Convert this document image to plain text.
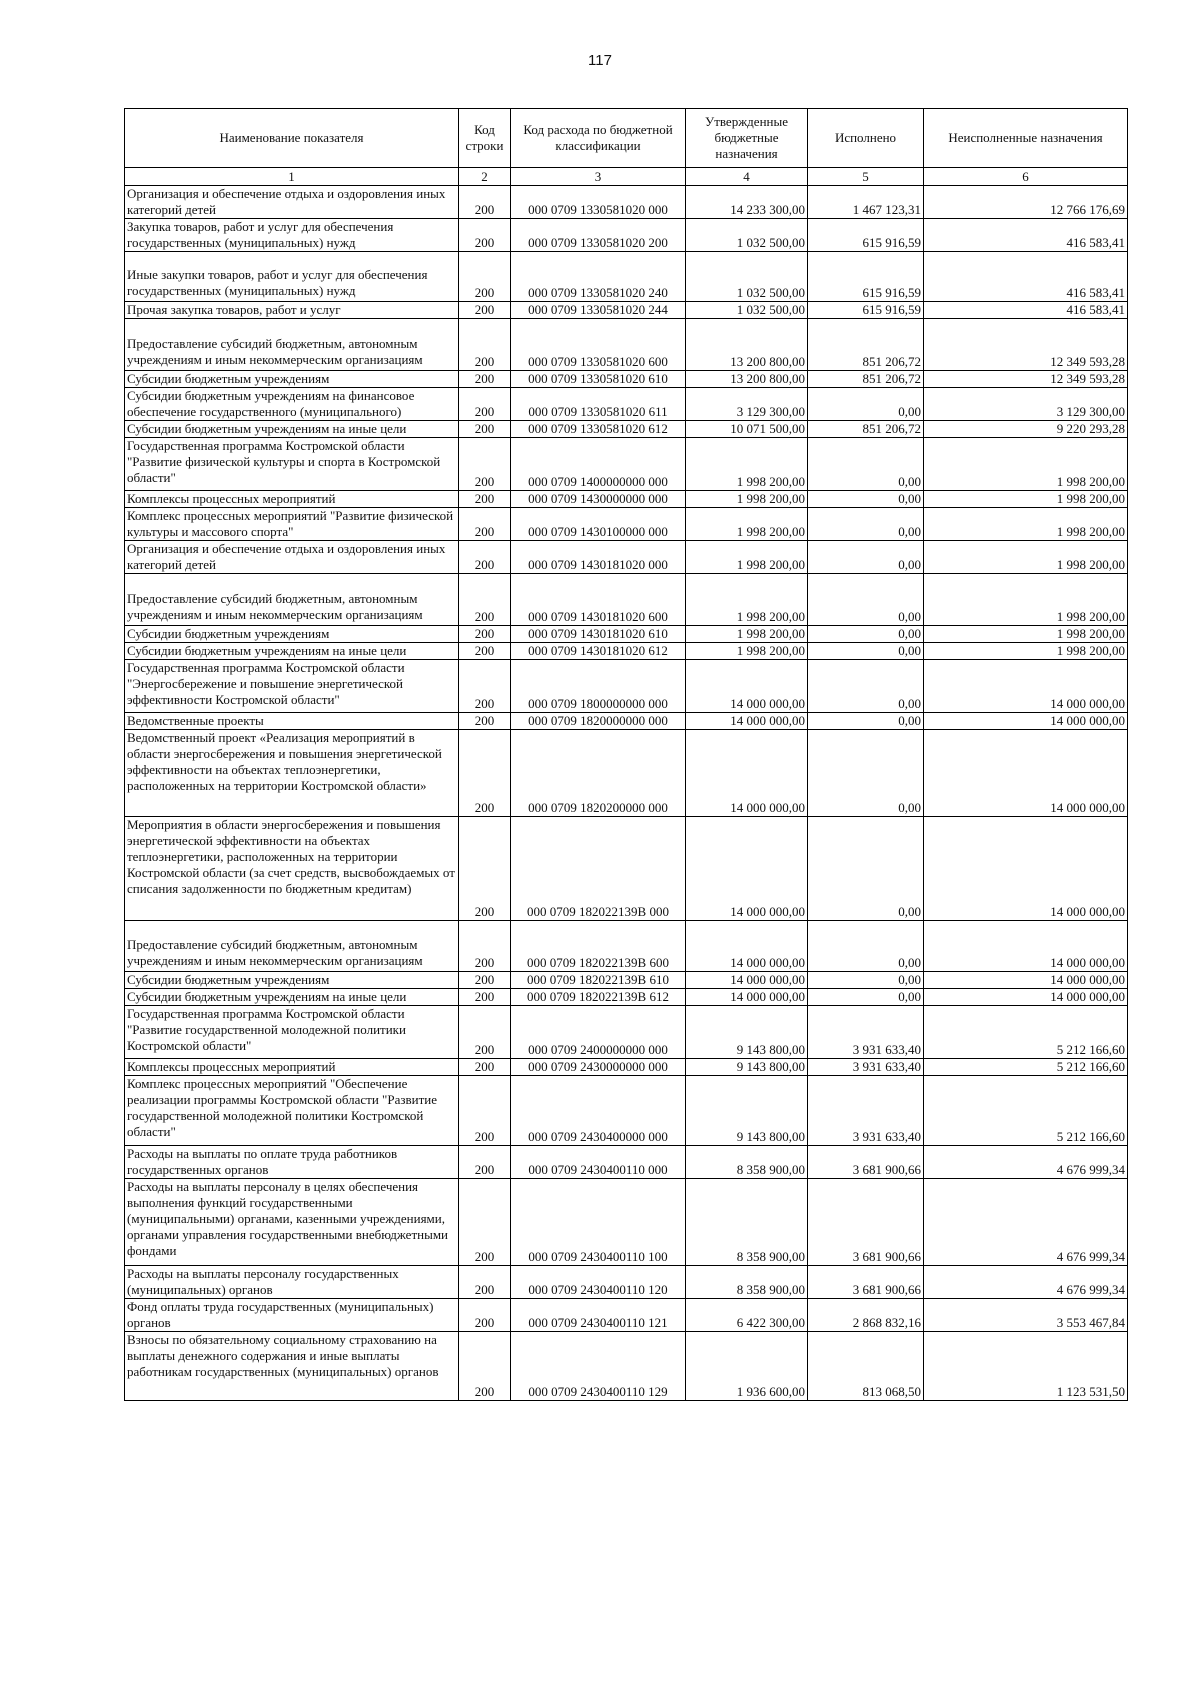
117
Наименование показателя	Код строки	Код расхода по бюджетной классификации	Утвержденные бюджетные назначения	Исполнено	Неисполненные назначения
1	2	3	4	5	6

Организация и обеспечение отдыха и оздоровления иных категорий детей	200	000 0709 1330581020 000	14 233 300,00	1 467 123,31	12 766 176,69

Закупка товаров, работ и услуг для обеспечения государственных (муниципальных) нужд	200	000 0709 1330581020 200	1 032 500,00	615 916,59	416 583,41

Иные закупки товаров, работ и услуг для обеспечения государственных (муниципальных) нужд	200	000 0709 1330581020 240	1 032 500,00	615 916,59	416 583,41

Прочая закупка товаров, работ и услуг	200	000 0709 1330581020 244	1 032 500,00	615 916,59	416 583,41

Предоставление субсидий бюджетным, автономным учреждениям и иным некоммерческим организациям	200	000 0709 1330581020 600	13 200 800,00	851 206,72	12 349 593,28

Субсидии бюджетным учреждениям	200	000 0709 1330581020 610	13 200 800,00	851 206,72	12 349 593,28

Субсидии бюджетным учреждениям на финансовое обеспечение государственного (муниципального)	200	000 0709 1330581020 611	3 129 300,00	0,00	3 129 300,00

Субсидии бюджетным учреждениям на иные цели	200	000 0709 1330581020 612	10 071 500,00	851 206,72	9 220 293,28

Государственная программа Костромской области "Развитие физической культуры и спорта в Костромской области"	200	000 0709 1400000000 000	1 998 200,00	0,00	1 998 200,00

Комплексы процессных мероприятий	200	000 0709 1430000000 000	1 998 200,00	0,00	1 998 200,00

Комплекс процессных мероприятий "Развитие физической культуры и массового спорта"	200	000 0709 1430100000 000	1 998 200,00	0,00	1 998 200,00

Организация и обеспечение отдыха и оздоровления иных категорий детей	200	000 0709 1430181020 000	1 998 200,00	0,00	1 998 200,00

Предоставление субсидий бюджетным, автономным учреждениям и иным некоммерческим организациям	200	000 0709 1430181020 600	1 998 200,00	0,00	1 998 200,00

Субсидии бюджетным учреждениям	200	000 0709 1430181020 610	1 998 200,00	0,00	1 998 200,00

Субсидии бюджетным учреждениям на иные цели	200	000 0709 1430181020 612	1 998 200,00	0,00	1 998 200,00

Государственная программа Костромской области "Энергосбережение и повышение энергетической эффективности Костромской области"	200	000 0709 1800000000 000	14 000 000,00	0,00	14 000 000,00

Ведомственные проекты	200	000 0709 1820000000 000	14 000 000,00	0,00	14 000 000,00

Ведомственный проект «Реализация мероприятий в области энергосбережения и повышения энергетической эффективности на объектах теплоэнергетики, расположенных на территории Костромской области»	200	000 0709 1820200000 000	14 000 000,00	0,00	14 000 000,00

Мероприятия в области энергосбережения и повышения энергетической эффективности на объектах теплоэнергетики, расположенных на территории Костромской области (за счет средств, высвобождаемых от списания задолженности по бюджетным кредитам)	200	000 0709 182022139В 000	14 000 000,00	0,00	14 000 000,00

Предоставление субсидий бюджетным, автономным учреждениям и иным некоммерческим организациям	200	000 0709 182022139В 600	14 000 000,00	0,00	14 000 000,00

Субсидии бюджетным учреждениям	200	000 0709 182022139В 610	14 000 000,00	0,00	14 000 000,00

Субсидии бюджетным учреждениям на иные цели	200	000 0709 182022139В 612	14 000 000,00	0,00	14 000 000,00

Государственная программа Костромской области "Развитие государственной молодежной политики Костромской области"	200	000 0709 2400000000 000	9 143 800,00	3 931 633,40	5 212 166,60

Комплексы процессных мероприятий	200	000 0709 2430000000 000	9 143 800,00	3 931 633,40	5 212 166,60

Комплекс процессных мероприятий "Обеспечение реализации программы Костромской области "Развитие государственной молодежной политики Костромской области"	200	000 0709 2430400000 000	9 143 800,00	3 931 633,40	5 212 166,60

Расходы на выплаты по оплате труда работников государственных органов	200	000 0709 2430400110 000	8 358 900,00	3 681 900,66	4 676 999,34

Расходы на выплаты персоналу в целях обеспечения выполнения функций государственными (муниципальными) органами, казенными учреждениями, органами управления государственными внебюджетными фондами	200	000 0709 2430400110 100	8 358 900,00	3 681 900,66	4 676 999,34

Расходы на выплаты персоналу государственных (муниципальных) органов	200	000 0709 2430400110 120	8 358 900,00	3 681 900,66	4 676 999,34

Фонд оплаты труда государственных (муниципальных) органов	200	000 0709 2430400110 121	6 422 300,00	2 868 832,16	3 553 467,84

Взносы по обязательному социальному страхованию на выплаты денежного содержания и иные выплаты работникам государственных (муниципальных) органов	200	000 0709 2430400110 129	1 936 600,00	813 068,50	1 123 531,50
